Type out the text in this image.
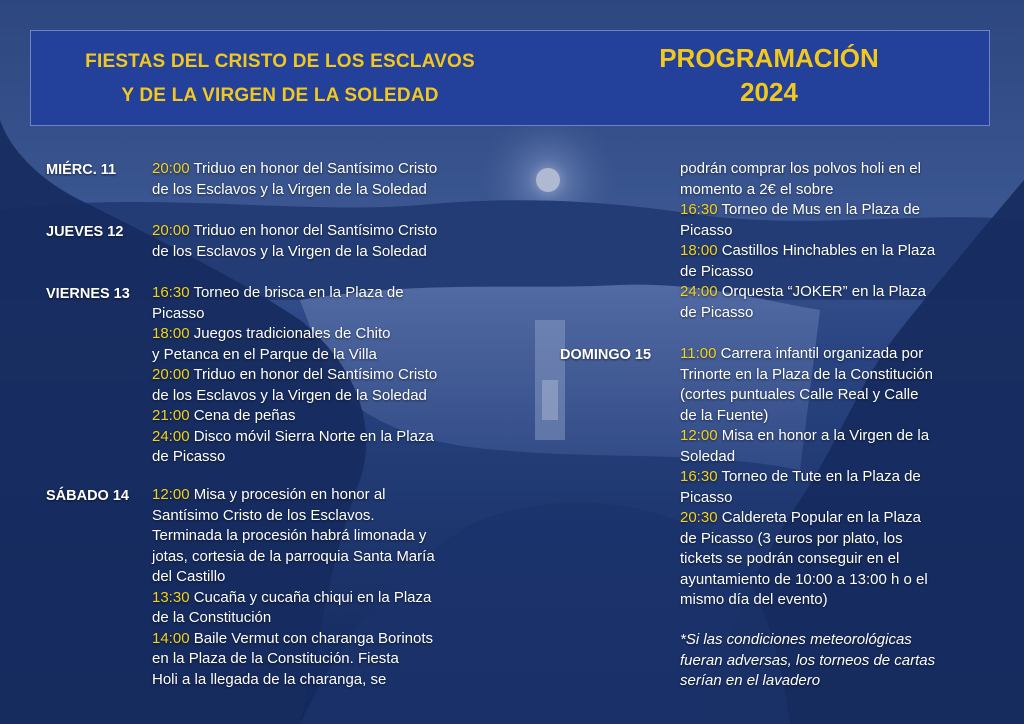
FIESTAS DEL CRISTO DE LOS ESCLAVOS
Y DE LA VIRGEN DE LA SOLEDAD
PROGRAMACIÓN
2024
MIÉRC. 11 20:00 Triduo en honor del Santísimo Cristo
de los Esclavos y la Virgen de la Soledad
JUEVES 12 20:00 Triduo en honor del Santísimo Cristo
de los Esclavos y la Virgen de la Soledad
VIERNES 13 16:30 Torneo de brisca en la Plaza de
Picasso
18:00 Juegos tradicionales de Chito
y Petanca en el Parque de la Villa
20:00 Triduo en honor del Santísimo Cristo
de los Esclavos y la Virgen de la Soledad
21:00 Cena de peñas
24:00 Disco móvil Sierra Norte en la Plaza
de Picasso
SÁBADO 14 12:00 Misa y procesión en honor al
Santísimo Cristo de los Esclavos.
Terminada la procesión habrá limonada y
jotas, cortesia de la parroquia Santa María
del Castillo
13:30 Cucaña y cucaña chiqui en la Plaza
de la Constitución
14:00 Baile Vermut con charanga Borinots
en la Plaza de la Constitución. Fiesta
Holi a la llegada de la charanga, se
podrán comprar los polvos holi en el
momento a 2€ el sobre
16:30 Torneo de Mus en la Plaza de
Picasso
18:00 Castillos Hinchables en la Plaza
de Picasso
24:00 Orquesta “JOKER” en la Plaza
de Picasso
DOMINGO 15 11:00 Carrera infantil organizada por
Trinorte en la Plaza de la Constitución
(cortes puntuales Calle Real y Calle
de la Fuente)
12:00 Misa en honor a la Virgen de la
Soledad
16:30 Torneo de Tute en la Plaza de
Picasso
20:30 Caldereta Popular en la Plaza
de Picasso (3 euros por plato, los
tickets se podrán conseguir en el
ayuntamiento de 10:00 a 13:00 h o el
mismo día del evento)
*Si las condiciones meteorológicas
fueran adversas, los torneos de cartas
serían en el lavadero
